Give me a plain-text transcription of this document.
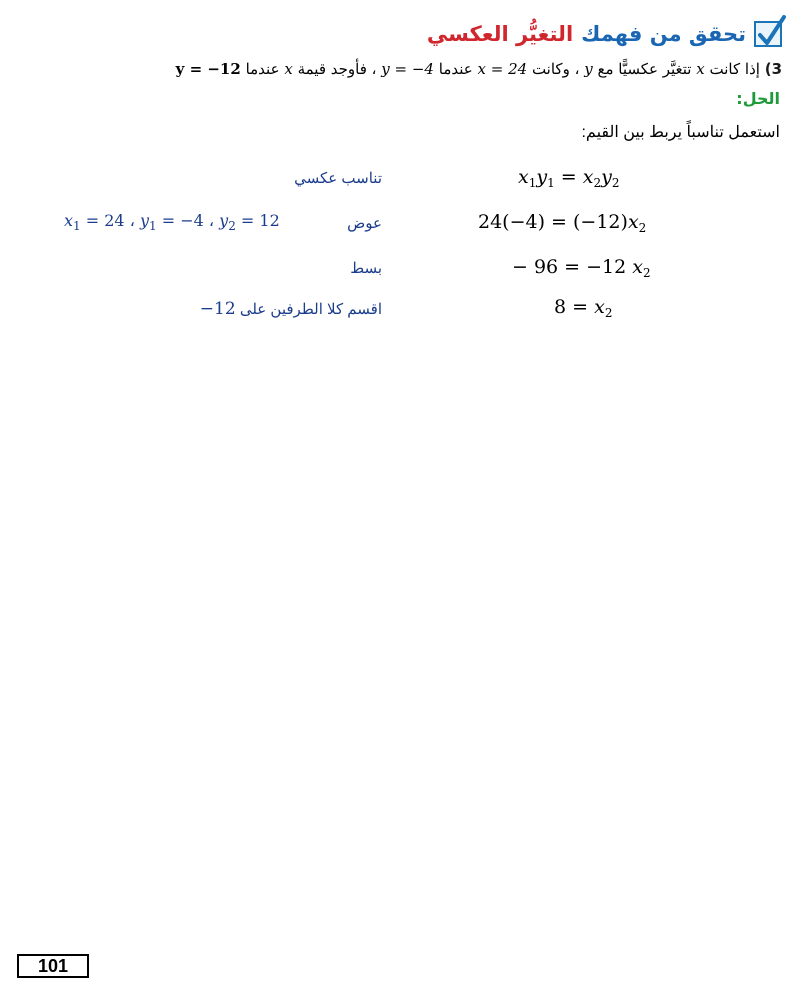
تحقق من فهمك
التغيُّر العكسي
3) إذا كانت x تتغيَّر عكسيًّا مع y ، وكانت x = 24 عندما y = −4 ، فأوجد قيمة x عندما y = −12
الحل:
استعمل تناسباً يربط بين القيم:
$x_1y_1 = x_2y_2$
تناسب عكسي
$24(-4) = (-12)x_2$
عوض
$x_1 = 24$ ، $y_1 = -4$ ، $y_2 = 12$
− 96 = −12 $x_2$
بسط
$8 = x_2$
اقسم كلا الطرفين على −12
101
